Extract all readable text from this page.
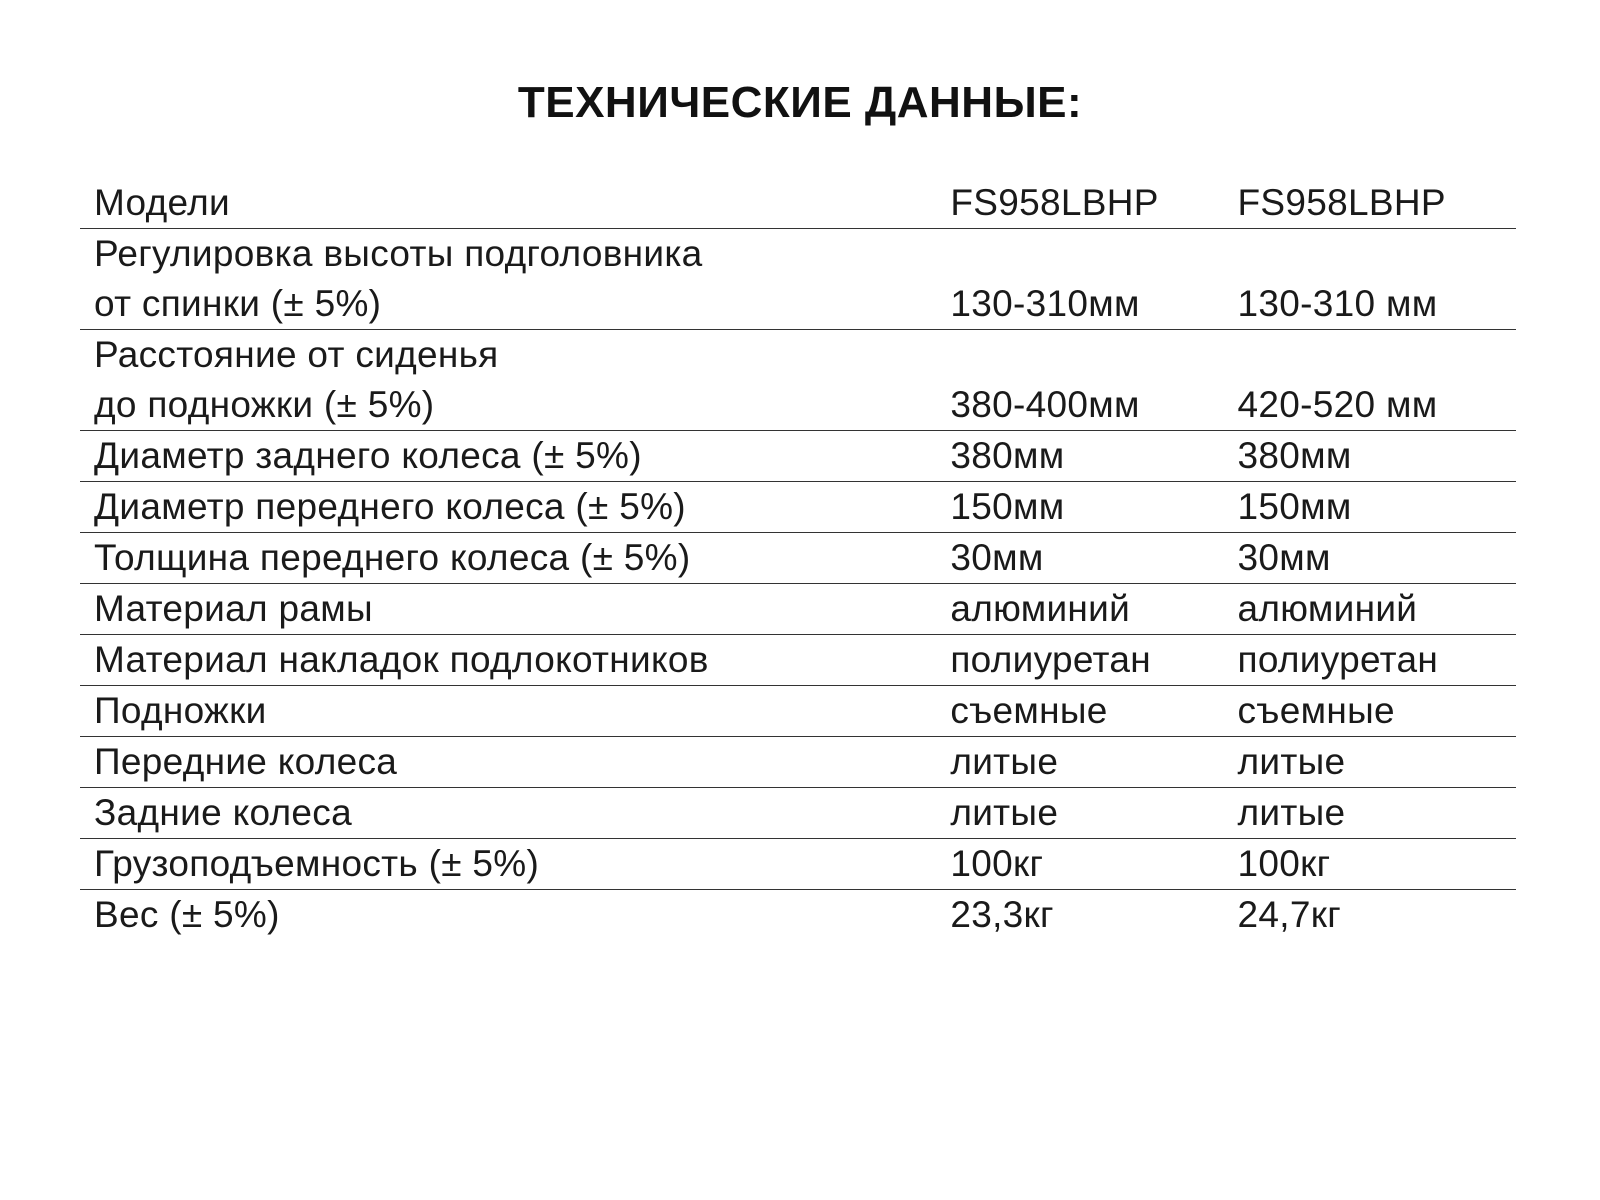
ТЕХНИЧЕСКИЕ ДАННЫЕ:
Модели	FS958LBHP	FS958LBHP

Регулировка высоты подголовника
от спинки (± 5%)	130-310мм	130-310 мм

Расстояние от сиденья
до подножки (± 5%)	380-400мм	420-520 мм
Диаметр заднего колеса (± 5%)	380мм	380мм
Диаметр переднего колеса (± 5%)	150мм	150мм
Толщина переднего колеса (± 5%)	30мм	30мм
Материал рамы	алюминий	алюминий
Материал накладок подлокотников	полиуретан	полиуретан
Подножки	съемные	съемные
Передние колеса	литые	литые
Задние колеса	литые	литые
Грузоподъемность (± 5%)	100кг	100кг
Вес (± 5%)	23,3кг	24,7кг
